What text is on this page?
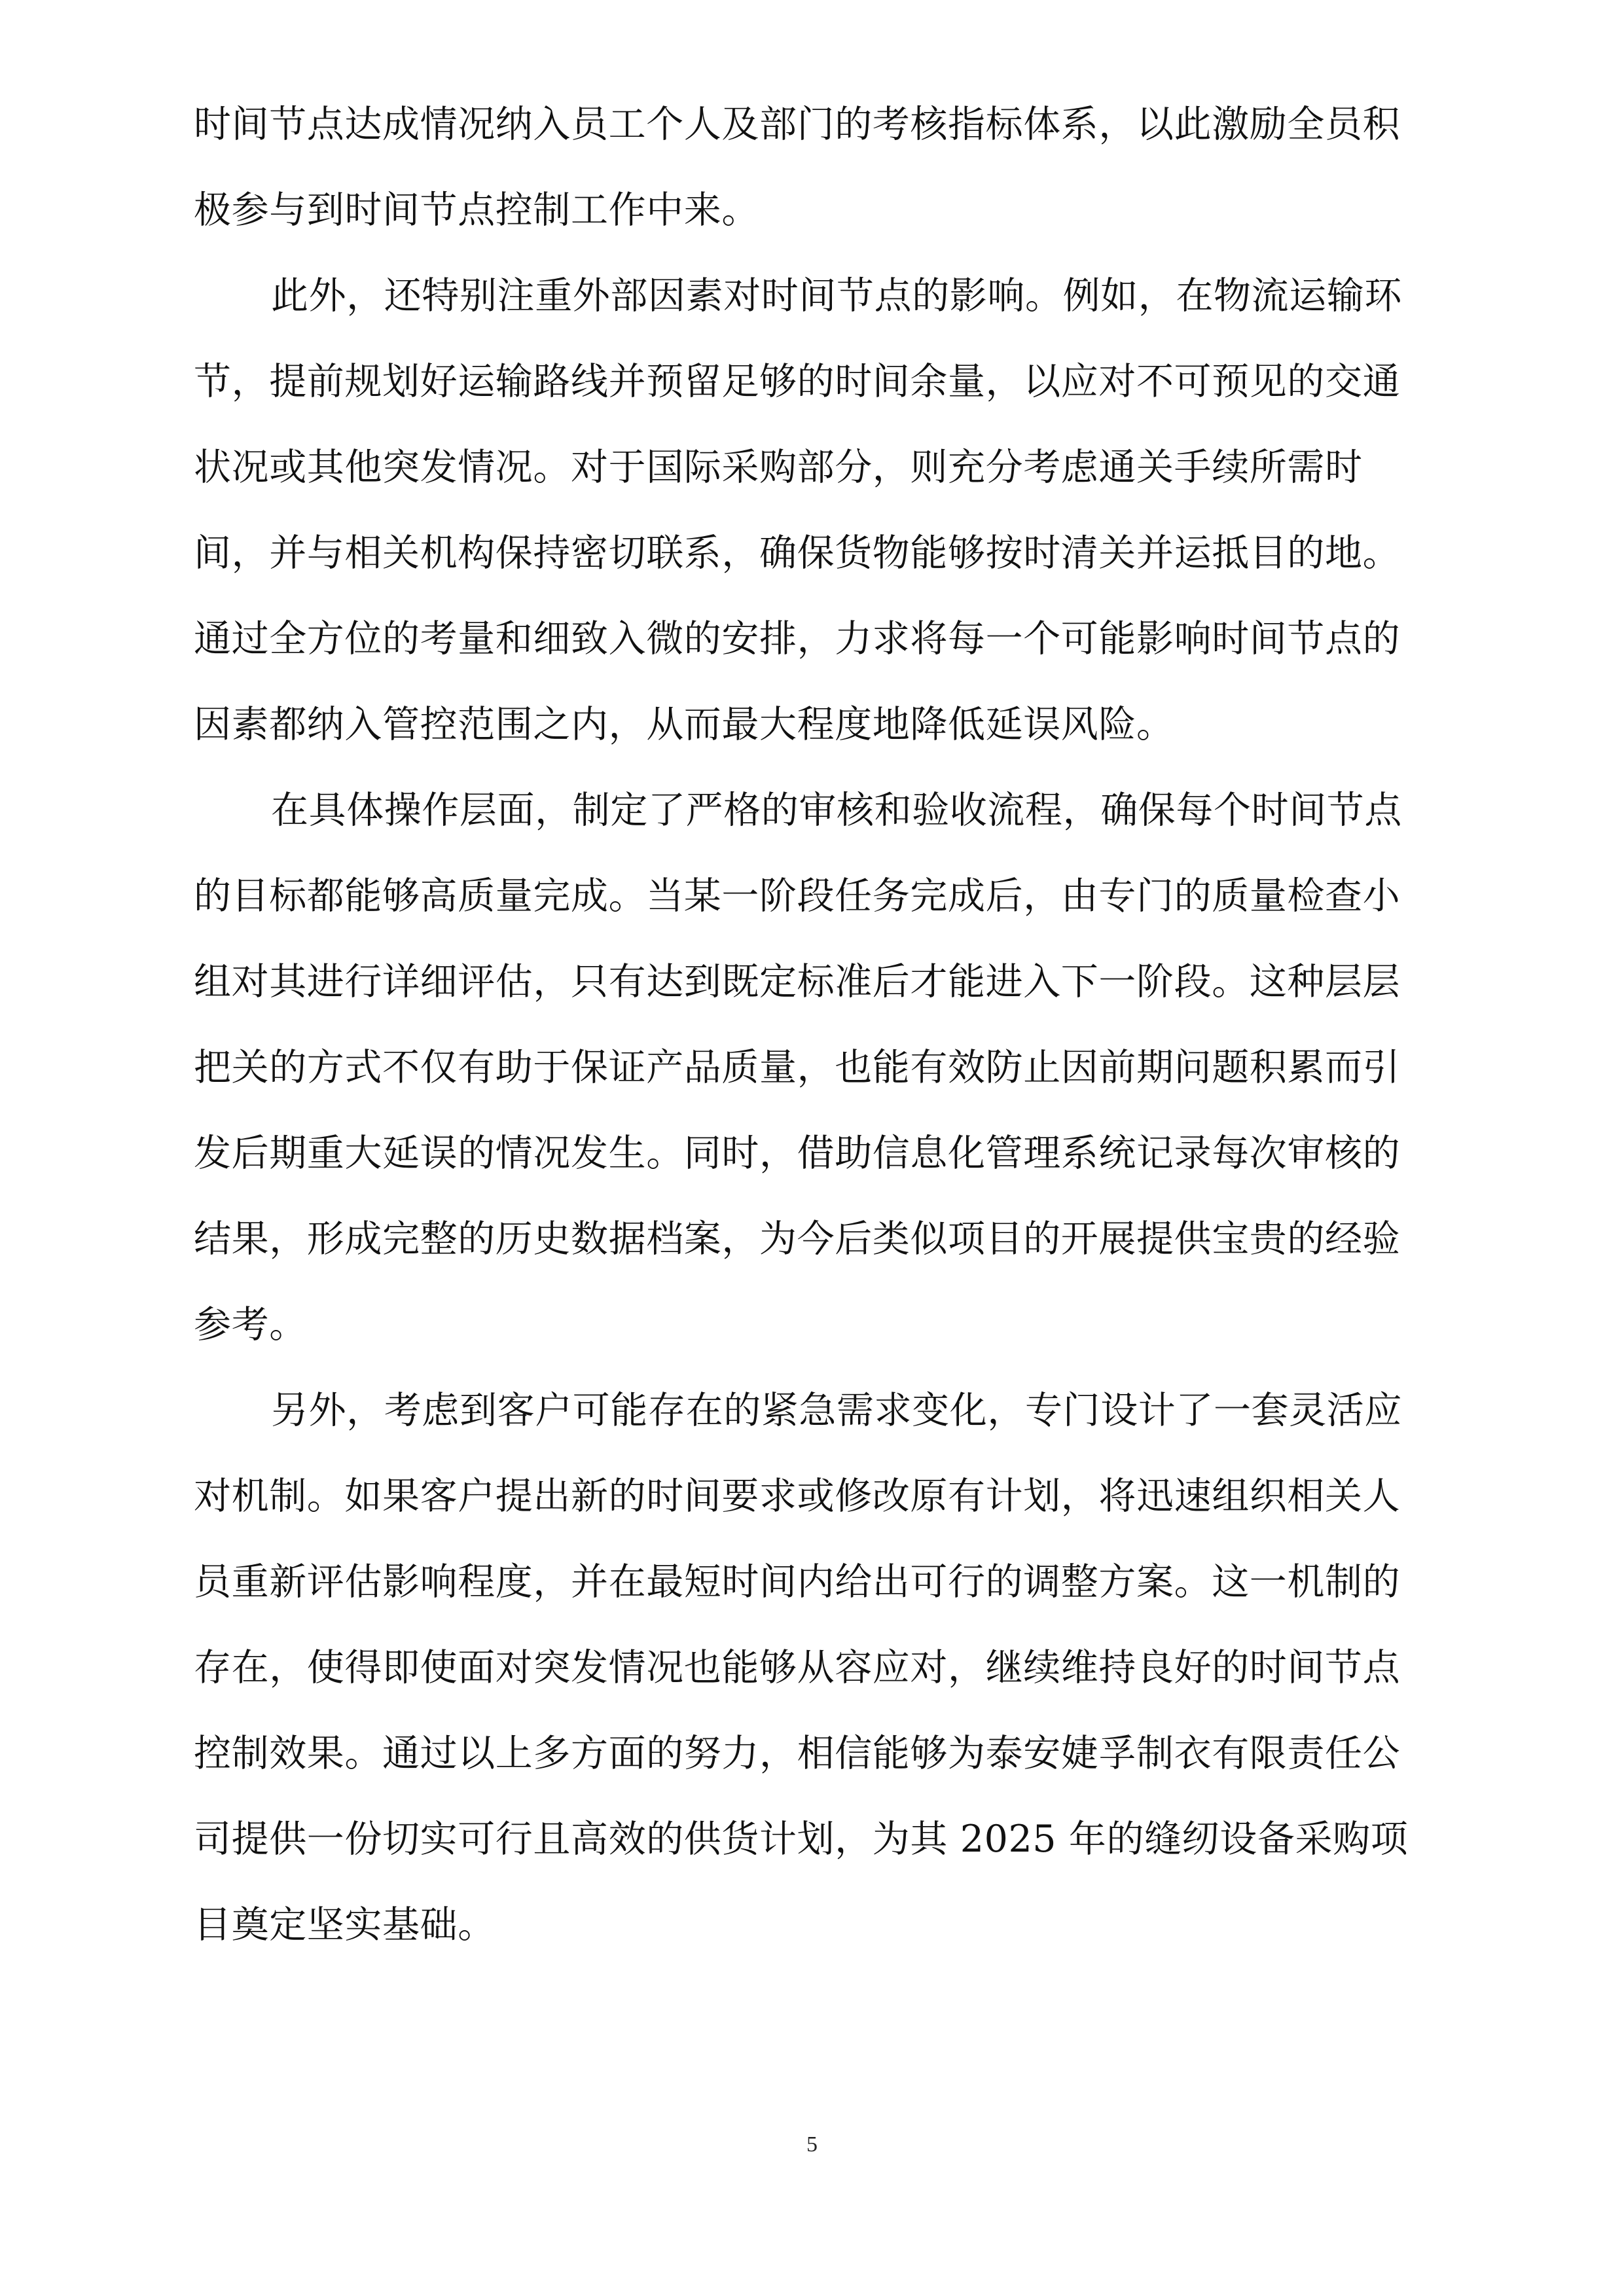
时间节点达成情况纳入员工个人及部门的考核指标体系，以此激励全员积
极参与到时间节点控制工作中来。
此外，还特别注重外部因素对时间节点的影响。例如，在物流运输环
节，提前规划好运输路线并预留足够的时间余量，以应对不可预见的交通
状况或其他突发情况。对于国际采购部分，则充分考虑通关手续所需时
间，并与相关机构保持密切联系，确保货物能够按时清关并运抵目的地。
通过全方位的考量和细致入微的安排，力求将每一个可能影响时间节点的
因素都纳入管控范围之内，从而最大程度地降低延误风险。
在具体操作层面，制定了严格的审核和验收流程，确保每个时间节点
的目标都能够高质量完成。当某一阶段任务完成后，由专门的质量检查小
组对其进行详细评估，只有达到既定标准后才能进入下一阶段。这种层层
把关的方式不仅有助于保证产品质量，也能有效防止因前期问题积累而引
发后期重大延误的情况发生。同时，借助信息化管理系统记录每次审核的
结果，形成完整的历史数据档案，为今后类似项目的开展提供宝贵的经验
参考。
另外，考虑到客户可能存在的紧急需求变化，专门设计了一套灵活应
对机制。如果客户提出新的时间要求或修改原有计划，将迅速组织相关人
员重新评估影响程度，并在最短时间内给出可行的调整方案。这一机制的
存在，使得即使面对突发情况也能够从容应对，继续维持良好的时间节点
控制效果。通过以上多方面的努力，相信能够为泰安婕孚制衣有限责任公
司提供一份切实可行且高效的供货计划，为其 2025 年的缝纫设备采购项
目奠定坚实基础。
5
